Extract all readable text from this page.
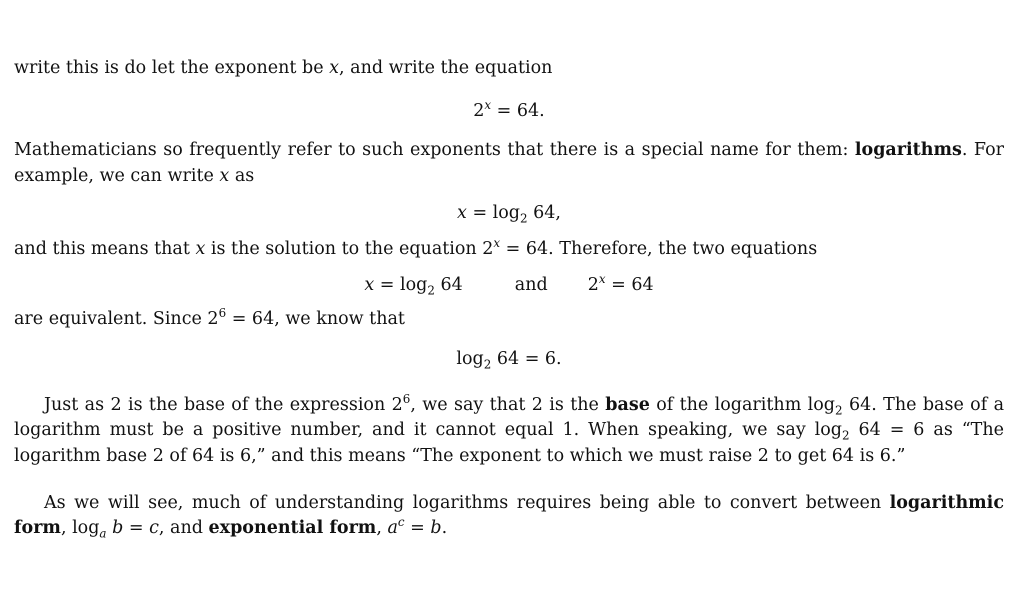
write this is do let the exponent be x, and write the equation

$2^x = 64$.

Mathematicians so frequently refer to such exponents that there is a special name for them: logarithms. For example, we can write x as

$x = \log_2 64$,

and this means that x is the solution to the equation $2^x = 64$. Therefore, the two equations

$x = \log_2 64$	and $2^x = 64$

are equivalent. Since $2^6 = 64$, we know that

$\log_2 64 = 6$.

Just as 2 is the base of the expression $2^6$, we say that 2 is the base of the logarithm $\log_2 64$. The base of a logarithm must be a positive number, and it cannot equal 1. When speaking, we say $\log_2 64 = 6$ as “The logarithm base 2 of 64 is 6,” and this means “The exponent to which we must raise 2 to get 64 is 6.”

As we will see, much of understanding logarithms requires being able to convert between logarithmic form, $\log_a b = c$, and exponential form, $a^c = b$.
